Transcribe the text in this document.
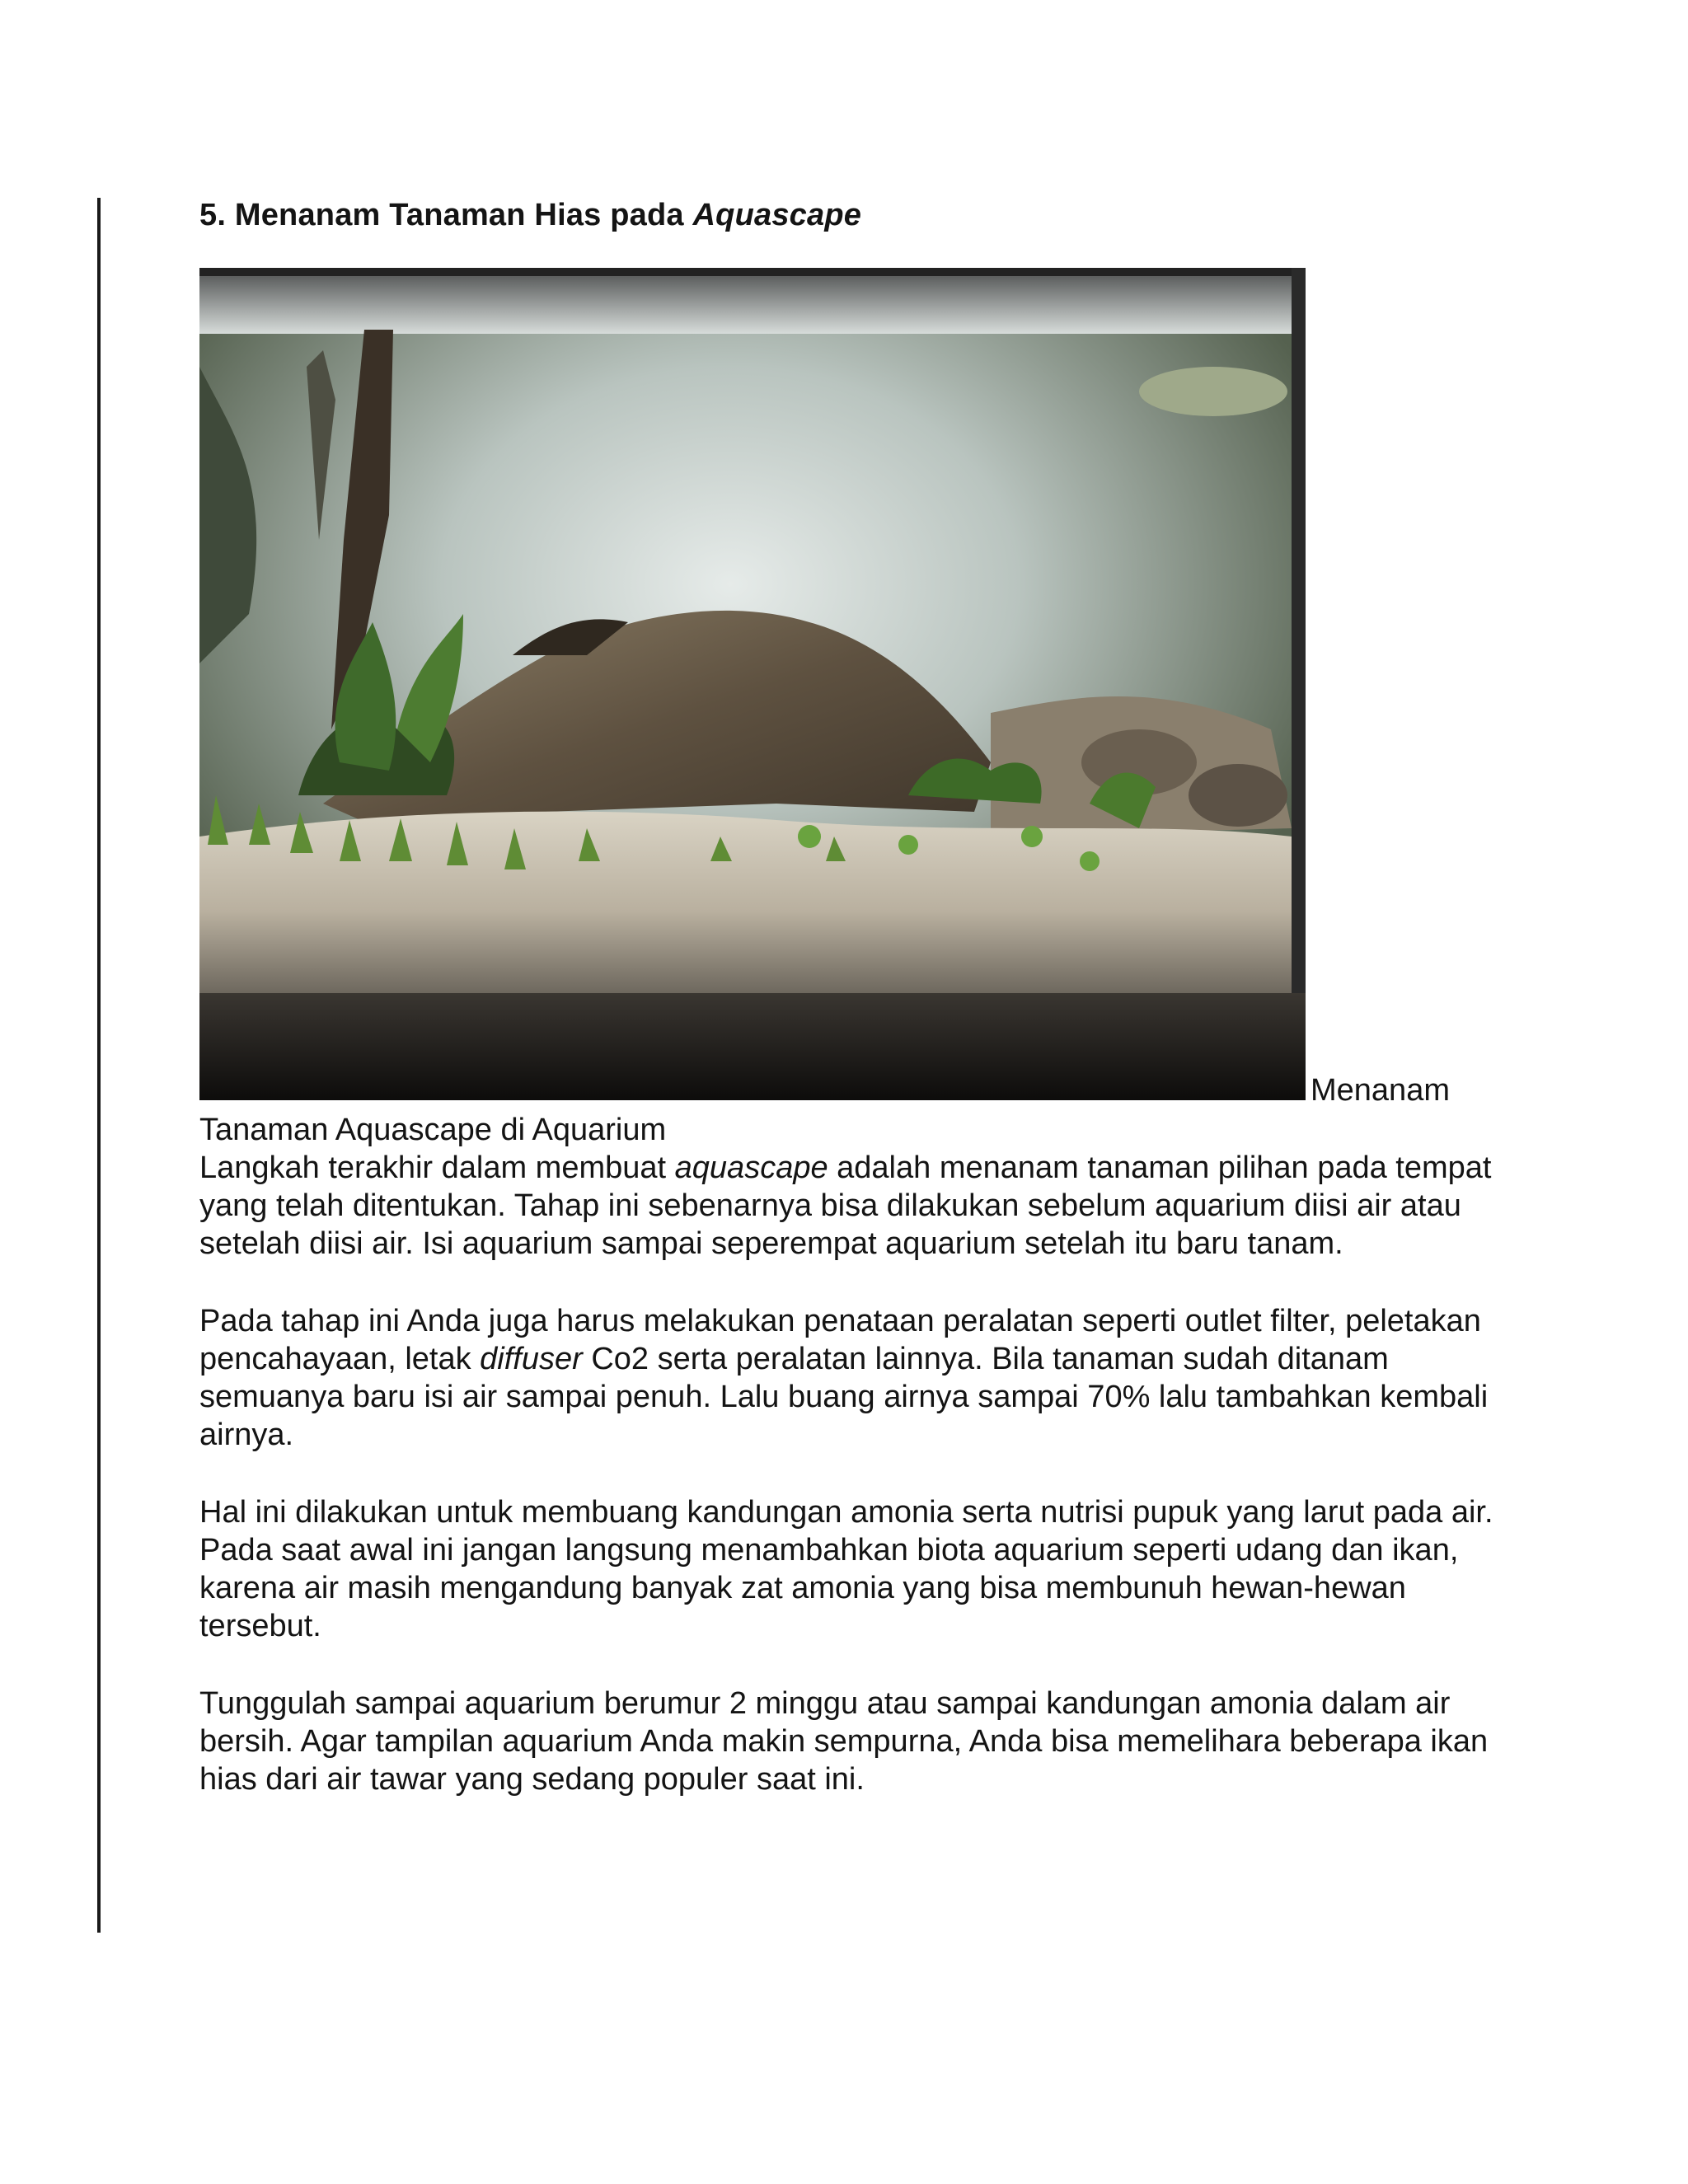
5. Menanam Tanaman Hias pada Aquascape
Menanam
Tanaman Aquascape di Aquarium

Langkah terakhir dalam membuat aquascape adalah menanam tanaman pilihan pada tempat yang telah ditentukan. Tahap ini sebenarnya bisa dilakukan sebelum aquarium diisi air atau setelah diisi air. Isi aquarium sampai seperempat aquarium setelah itu baru tanam.

Pada tahap ini Anda juga harus melakukan penataan peralatan seperti outlet filter, peletakan pencahayaan, letak diffuser Co2 serta peralatan lainnya. Bila tanaman sudah ditanam semuanya baru isi air sampai penuh. Lalu buang airnya sampai 70% lalu tambahkan kembali airnya.

Hal ini dilakukan untuk membuang kandungan amonia serta nutrisi pupuk yang larut pada air. Pada saat awal ini jangan langsung menambahkan biota aquarium seperti udang dan ikan, karena air masih mengandung banyak zat amonia yang bisa membunuh hewan-hewan tersebut.

Tunggulah sampai aquarium berumur 2 minggu atau sampai kandungan amonia dalam air bersih. Agar tampilan aquarium Anda makin sempurna, Anda bisa memelihara beberapa ikan hias dari air tawar yang sedang populer saat ini.
